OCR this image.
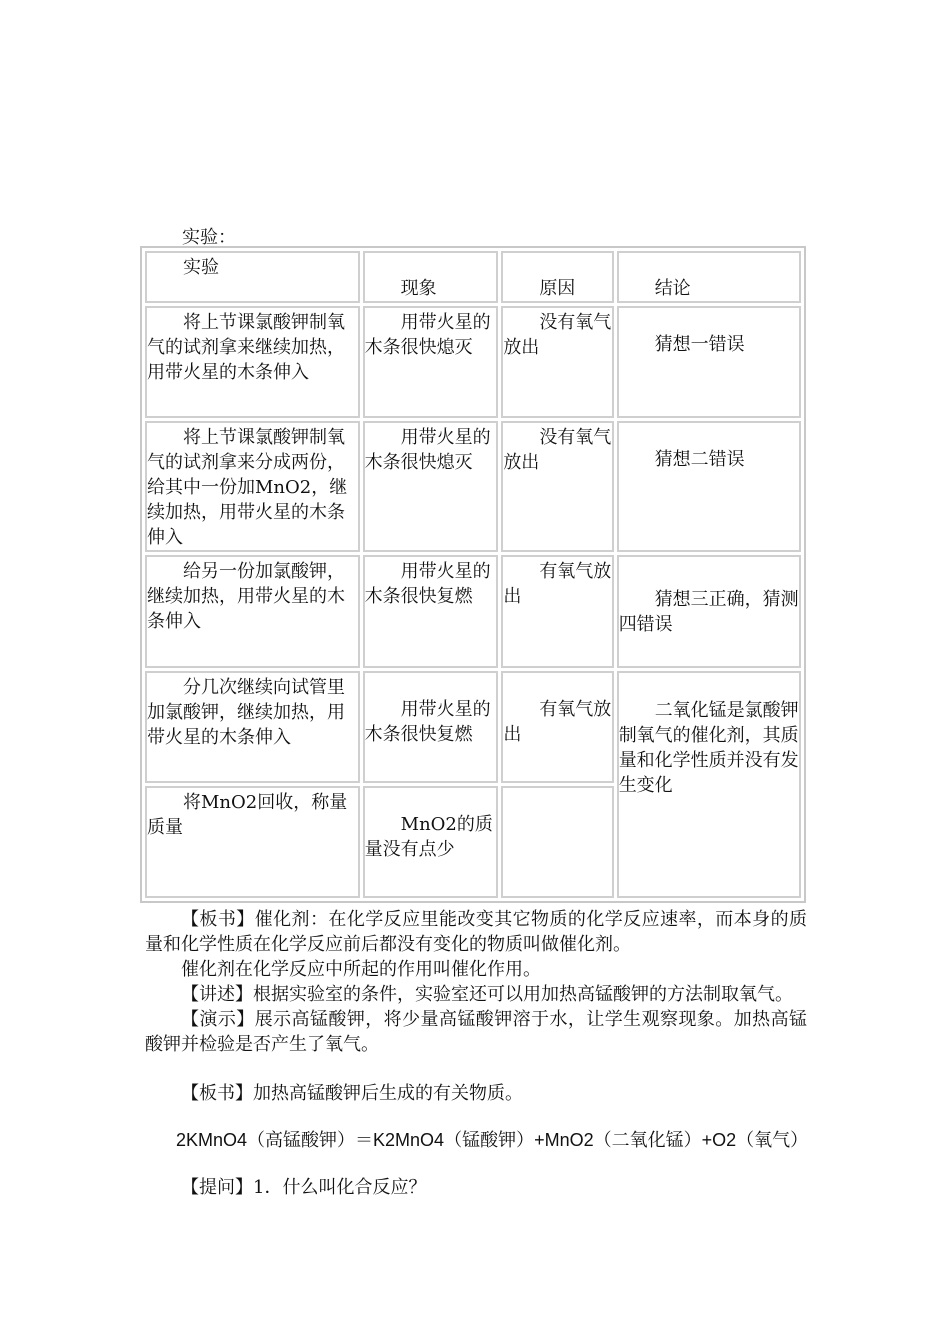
实验：
实验	现象	原因	结论

将上节课氯酸钾制氧气的试剂拿来继续加热，用带火星的木条伸入	用带火星的木条很快熄灭	没有氧气放出	猜想一错误

将上节课氯酸钾制氧气的试剂拿来分成两份，给其中一份加MnO2，继续加热，用带火星的木条伸入	用带火星的木条很快熄灭	没有氧气放出	猜想二错误

给另一份加氯酸钾，继续加热，用带火星的木条伸入	用带火星的木条很快复燃	有氧气放出	猜想三正确，猜测四错误

分几次继续向试管里加氯酸钾，继续加热，用带火星的木条伸入	用带火星的木条很快复燃	有氧气放出	二氧化锰是氯酸钾制氧气的催化剂，其质量和化学性质并没有发生变化

将MnO2回收，称量质量	MnO2的质量没有点少		

【板书】催化剂：在化学反应里能改变其它物质的化学反应速率，而本身的质量和化学性质在化学反应前后都没有变化的物质叫做催化剂。

催化剂在化学反应中所起的作用叫催化作用。

【讲述】根据实验室的条件，实验室还可以用加热高锰酸钾的方法制取氧气。

【演示】展示高锰酸钾，将少量高锰酸钾溶于水，让学生观察现象。加热高锰酸钾并检验是否产生了氧气。

【板书】加热高锰酸钾后生成的有关物质。
2KMnO4（高锰酸钾）＝K2MnO4（锰酸钾）+MnO2（二氧化锰）+O2（氧气）
【提问】1．什么叫化合反应？
